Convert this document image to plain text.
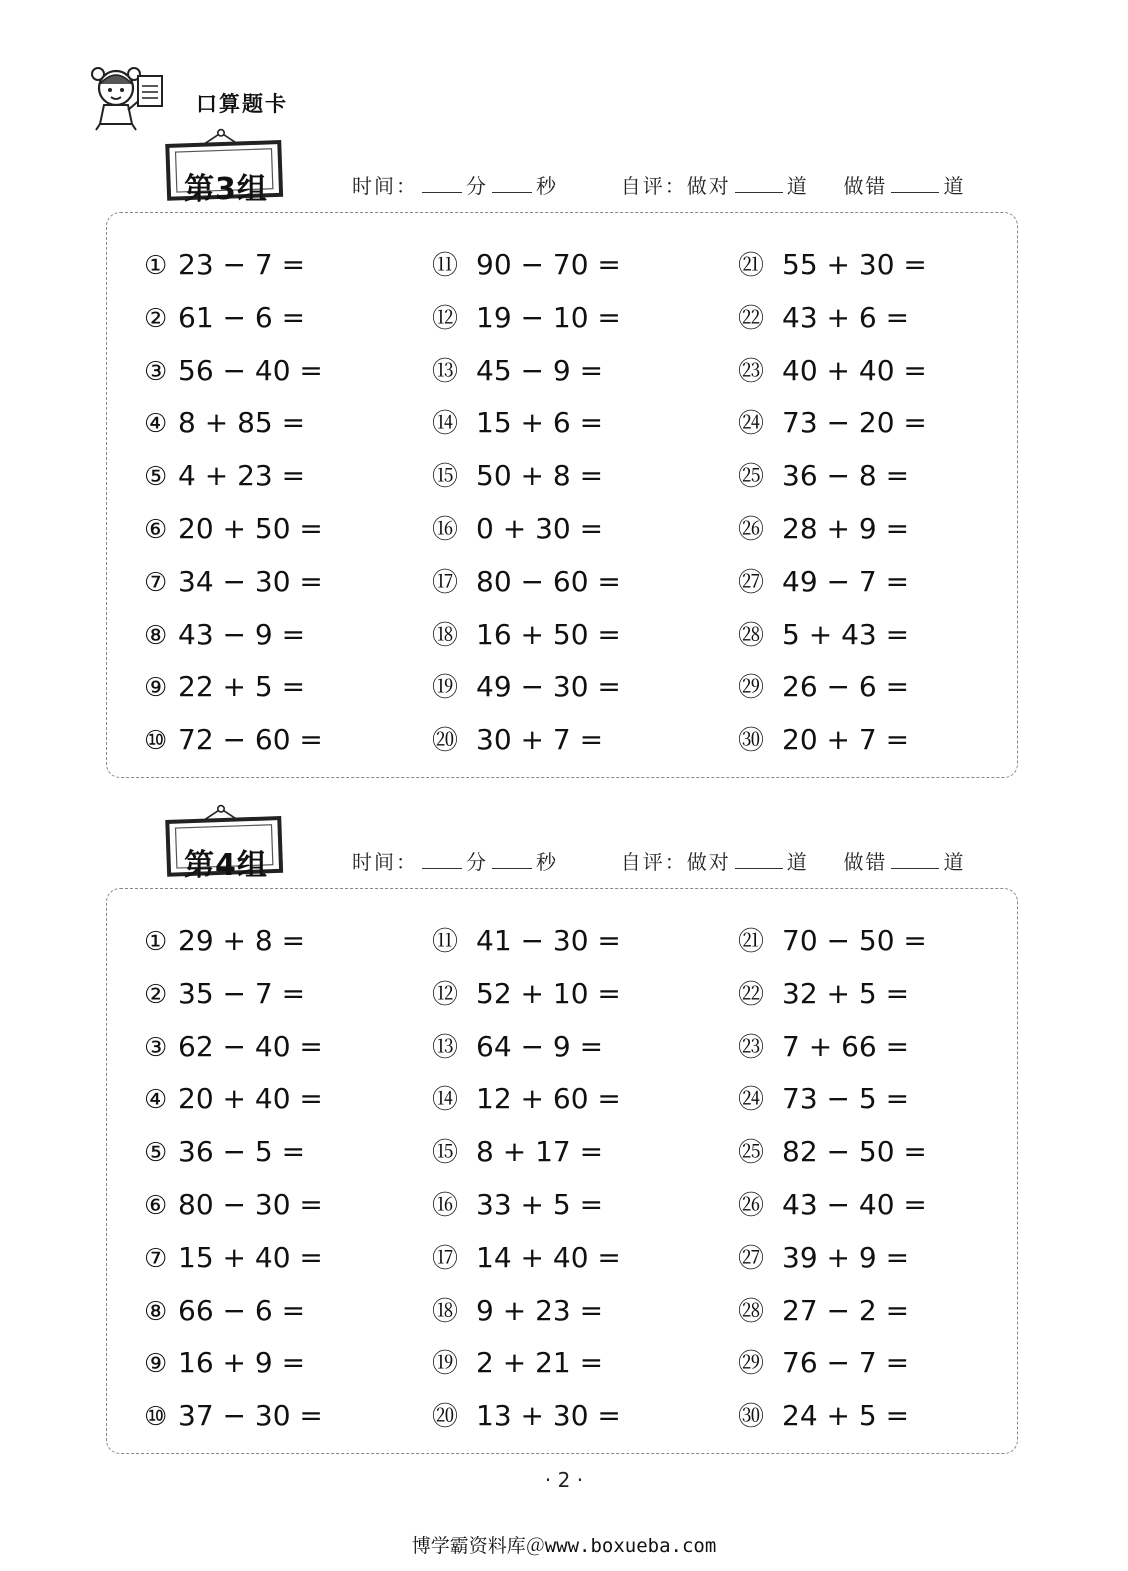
口算题卡
第3组	时间： 分 秒	自评：做对	道 做错	道
① 23 − 7 =
② 61 − 6 =
③ 56 − 40 =
④ 8 + 85 =
⑤ 4 + 23 =
⑥ 20 + 50 =
⑦ 34 − 30 =
⑧ 43 − 9 =
⑨ 22 + 5 =
⑩ 72 − 60 =
⑪ 90 − 70 =
⑫ 19 − 10 =
⑬ 45 − 9 =
⑭ 15 + 6 =
⑮ 50 + 8 =
⑯ 0 + 30 =
⑰ 80 − 60 =
⑱ 16 + 50 =
⑲ 49 − 30 =
⑳ 30 + 7 =
㉑ 55 + 30 =
㉒ 43 + 6 =
㉓ 40 + 40 =
㉔ 73 − 20 =
㉕ 36 − 8 =
㉖ 28 + 9 =
㉗ 49 − 7 =
㉘ 5 + 43 =
㉙ 26 − 6 =
㉚ 20 + 7 =
第4组	时间： 分 秒	自评：做对	道 做错	道
① 29 + 8 =
② 35 − 7 =
③ 62 − 40 =
④ 20 + 40 =
⑤ 36 − 5 =
⑥ 80 − 30 =
⑦ 15 + 40 =
⑧ 66 − 6 =
⑨ 16 + 9 =
⑩ 37 − 30 =
⑪ 41 − 30 =
⑫ 52 + 10 =
⑬ 64 − 9 =
⑭ 12 + 60 =
⑮ 8 + 17 =
⑯ 33 + 5 =
⑰ 14 + 40 =
⑱ 9 + 23 =
⑲ 2 + 21 =
⑳ 13 + 30 =
㉑ 70 − 50 =
㉒ 32 + 5 =
㉓ 7 + 66 =
㉔ 73 − 5 =
㉕ 82 − 50 =
㉖ 43 − 40 =
㉗ 39 + 9 =
㉘ 27 − 2 =
㉙ 76 − 7 =
㉚ 24 + 5 =
· 2 ·
博学霸资料库＠www.boxueba.com
